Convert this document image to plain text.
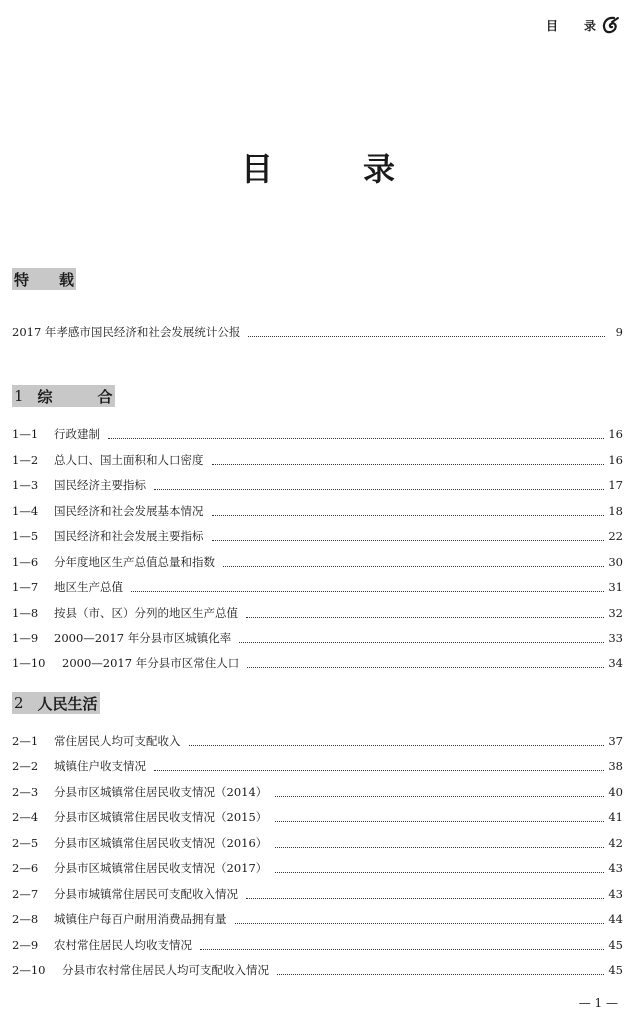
目 录
目	录
特　　载
2017 年孝感市国民经济和社会发展统计公报	9
1 综　　　合
1—1	行政建制	16
1—2	总人口、国土面积和人口密度	16
1—3	国民经济主要指标	17
1—4	国民经济和社会发展基本情况	18
1—5	国民经济和社会发展主要指标	22
1—6	分年度地区生产总值总量和指数	30
1—7	地区生产总值	31
1—8	按县（市、区）分列的地区生产总值	32
1—9	2000—2017 年分县市区城镇化率	33
1—10	2000—2017 年分县市区常住人口	34
2 人民生活
2—1	常住居民人均可支配收入	37
2—2	城镇住户收支情况	38
2—3	分县市区城镇常住居民收支情况（2014）	40
2—4	分县市区城镇常住居民收支情况（2015）	41
2—5	分县市区城镇常住居民收支情况（2016）	42
2—6	分县市区城镇常住居民收支情况（2017）	43
2—7	分县市城镇常住居民可支配收入情况	43
2—8	城镇住户每百户耐用消费品拥有量	44
2—9	农村常住居民人均收支情况	45
2—10	分县市农村常住居民人均可支配收入情况	45
— 1 —
